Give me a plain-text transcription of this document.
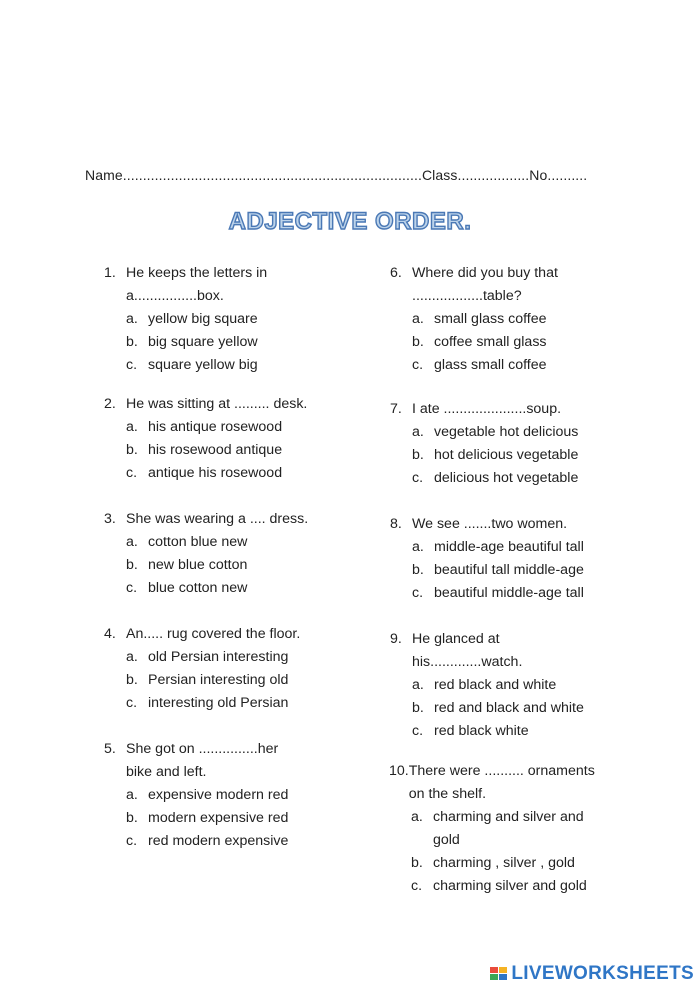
Name...........................................................................Class..................No..........
ADJECTIVE ORDER.
1. He keeps the letters in a................box.
a. yellow big square
b. big square yellow
c. square yellow big
2. He was sitting at ......... desk.
a. his antique rosewood
b. his rosewood antique
c. antique his rosewood
3. She was wearing a .... dress.
a. cotton blue new
b. new blue cotton
c. blue cotton new
4. An..... rug covered the floor.
a. old Persian interesting
b. Persian interesting old
c. interesting old Persian
5. She got on ...............her bike and left.
a. expensive modern red
b. modern expensive red
c. red modern expensive
6. Where did you buy that ..................table?
a. small glass coffee
b. coffee small glass
c. glass small coffee
7. I ate .....................soup.
a. vegetable hot delicious
b. hot delicious vegetable
c. delicious hot vegetable
8. We see .......two women.
a. middle-age beautiful tall
b. beautiful tall middle-age
c. beautiful middle-age tall
9. He glanced at his.............watch.
a. red black and white
b. red and black and white
c. red black white
10. There were .......... ornaments on the shelf.
a. charming and silver and gold
b. charming , silver , gold
c. charming silver and gold
LIVEWORKSHEETS
